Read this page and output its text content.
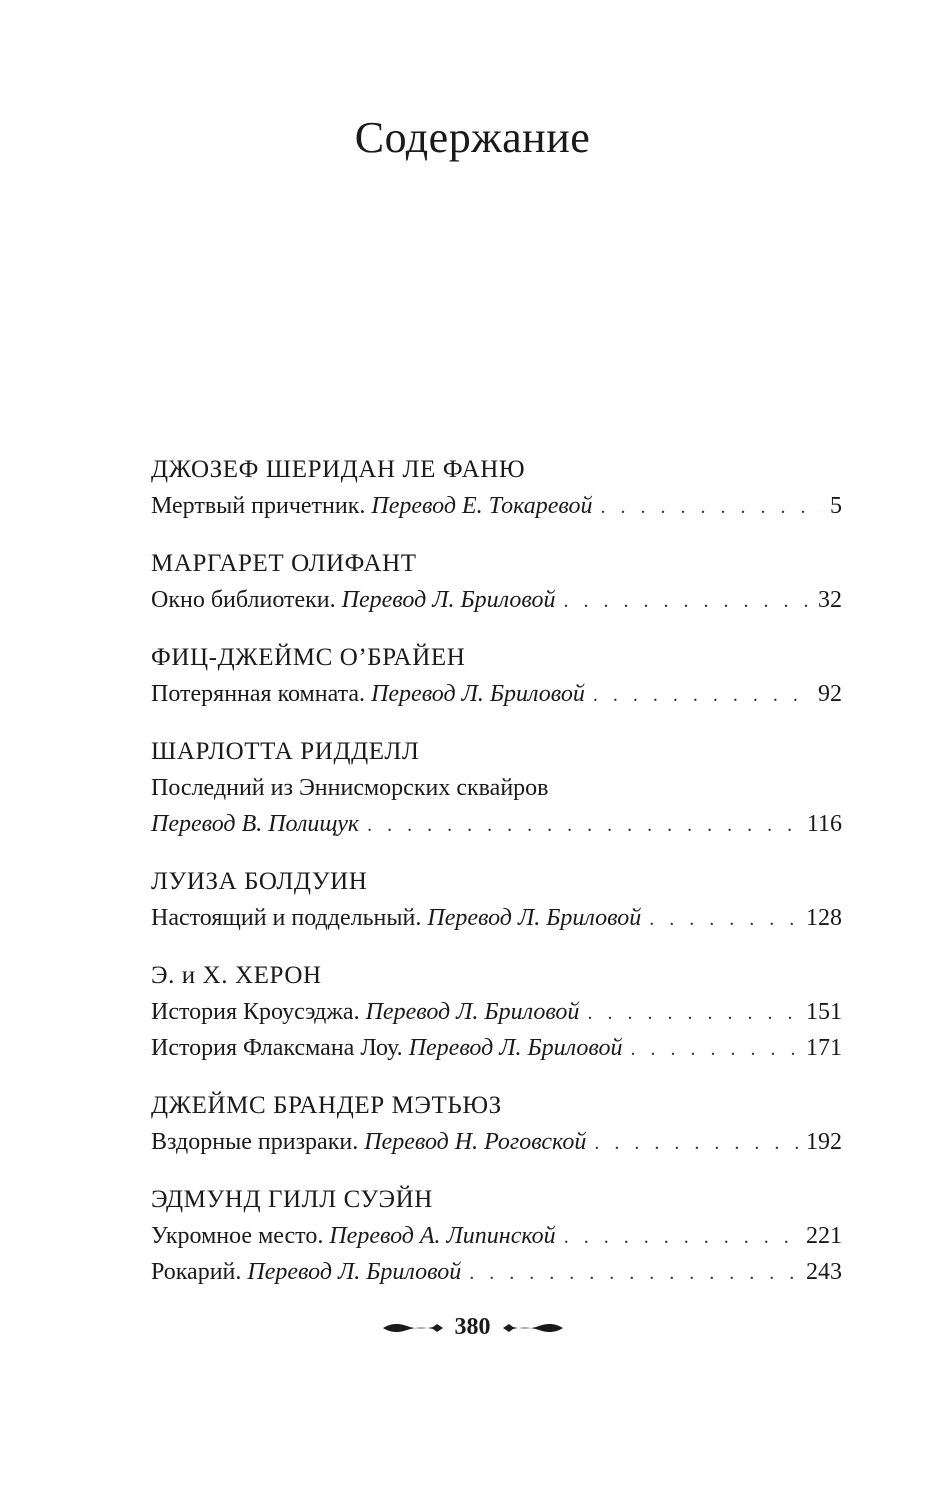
Содержание
ДЖОЗЕФ ШЕРИДАН ЛЕ ФАНЮ
Мертвый причетник. Перевод Е. Токаревой . . .	5
МАРГАРЕТ ОЛИФАНТ
Окно библиотеки. Перевод Л. Бриловой . . .	32
ФИЦ-ДЖЕЙМС О’БРАЙЕН
Потерянная комната. Перевод Л. Бриловой . . .	92
ШАРЛОТТА РИДДЕЛЛ
Последний из Эннисморских сквайров
Перевод В. Полищук . . .	116
ЛУИЗА БОЛДУИН
Настоящий и поддельный. Перевод Л. Бриловой . . .	128
Э. и Х. ХЕРОН
История Кроусэджа. Перевод Л. Бриловой . . .	151
История Флаксмана Лоу. Перевод Л. Бриловой . . .	171
ДЖЕЙМС БРАНДЕР МЭТЬЮЗ
Вздорные призраки. Перевод Н. Роговской . . .	192
ЭДМУНД ГИЛЛ СУЭЙН
Укромное место. Перевод А. Липинской . . .	221
Рокарий. Перевод Л. Бриловой . . .	243
380
